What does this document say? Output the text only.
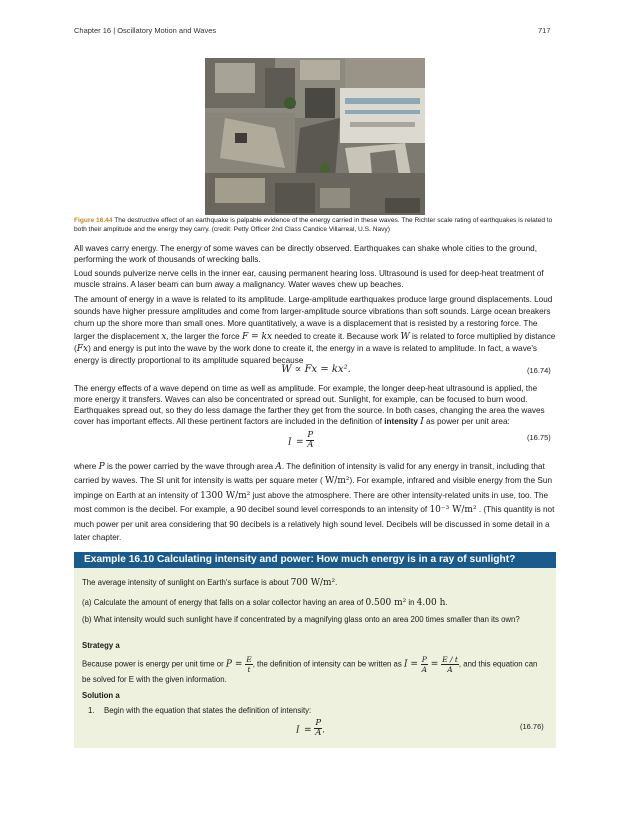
Chapter 16 | Oscillatory Motion and Waves	717
Figure 16.44 The destructive effect of an earthquake is palpable evidence of the energy carried in these waves. The Richter scale rating of earthquakes is related to both their amplitude and the energy they carry. (credit: Petty Officer 2nd Class Candice Villarreal, U.S. Navy)

All waves carry energy. The energy of some waves can be directly observed. Earthquakes can shake whole cities to the ground, performing the work of thousands of wrecking balls.

Loud sounds pulverize nerve cells in the inner ear, causing permanent hearing loss. Ultrasound is used for deep-heat treatment of muscle strains. A laser beam can burn away a malignancy. Water waves chew up beaches.

The amount of energy in a wave is related to its amplitude. Large-amplitude earthquakes produce large ground displacements. Loud sounds have higher pressure amplitudes and come from larger-amplitude source vibrations than soft sounds. Large ocean breakers churn up the shore more than small ones. More quantitatively, a wave is a displacement that is resisted by a restoring force. The larger the displacement x, the larger the force F = kx needed to create it. Because work W is related to force multiplied by distance (Fx) and energy is put into the wave by the work done to create it, the energy in a wave is related to amplitude. In fact, a wave's energy is directly proportional to its amplitude squared because

W ∝ Fx = kx².	(16.74)

The energy effects of a wave depend on time as well as amplitude. For example, the longer deep-heat ultrasound is applied, the more energy it transfers. Waves can also be concentrated or spread out. Sunlight, for example, can be focused to burn wood. Earthquakes spread out, so they do less damage the farther they get from the source. In both cases, changing the area the waves cover has important effects. All these pertinent factors are included in the definition of intensity I as power per unit area:

$I = \frac{P}{A}$	(16.75)

where P is the power carried by the wave through area A. The definition of intensity is valid for any energy in transit, including that carried by waves. The SI unit for intensity is watts per square meter ( W/m²). For example, infrared and visible energy from the Sun impinge on Earth at an intensity of 1300 W/m² just above the atmosphere. There are other intensity-related units in use, too. The most common is the decibel. For example, a 90 decibel sound level corresponds to an intensity of 10⁻³ W/m² . (This quantity is not much power per unit area considering that 90 decibels is a relatively high sound level. Decibels will be discussed in some detail in a later chapter.

Example 16.10 Calculating intensity and power: How much energy is in a ray of sunlight?

The average intensity of sunlight on Earth's surface is about 700 W/m².

(a) Calculate the amount of energy that falls on a solar collector having an area of 0.500 m² in 4.00 h.

(b) What intensity would such sunlight have if concentrated by a magnifying glass onto an area 200 times smaller than its own?

Strategy a

Because power is energy per unit time or $P = \frac{E}{t}$ , the definition of intensity can be written as $I = \frac{P}{A} = \frac{E / t}{A}$ , and this equation can be solved for E with the given information.

Solution a

1. Begin with the equation that states the definition of intensity:
$I = \frac{P}{A}$ .	(16.76)
